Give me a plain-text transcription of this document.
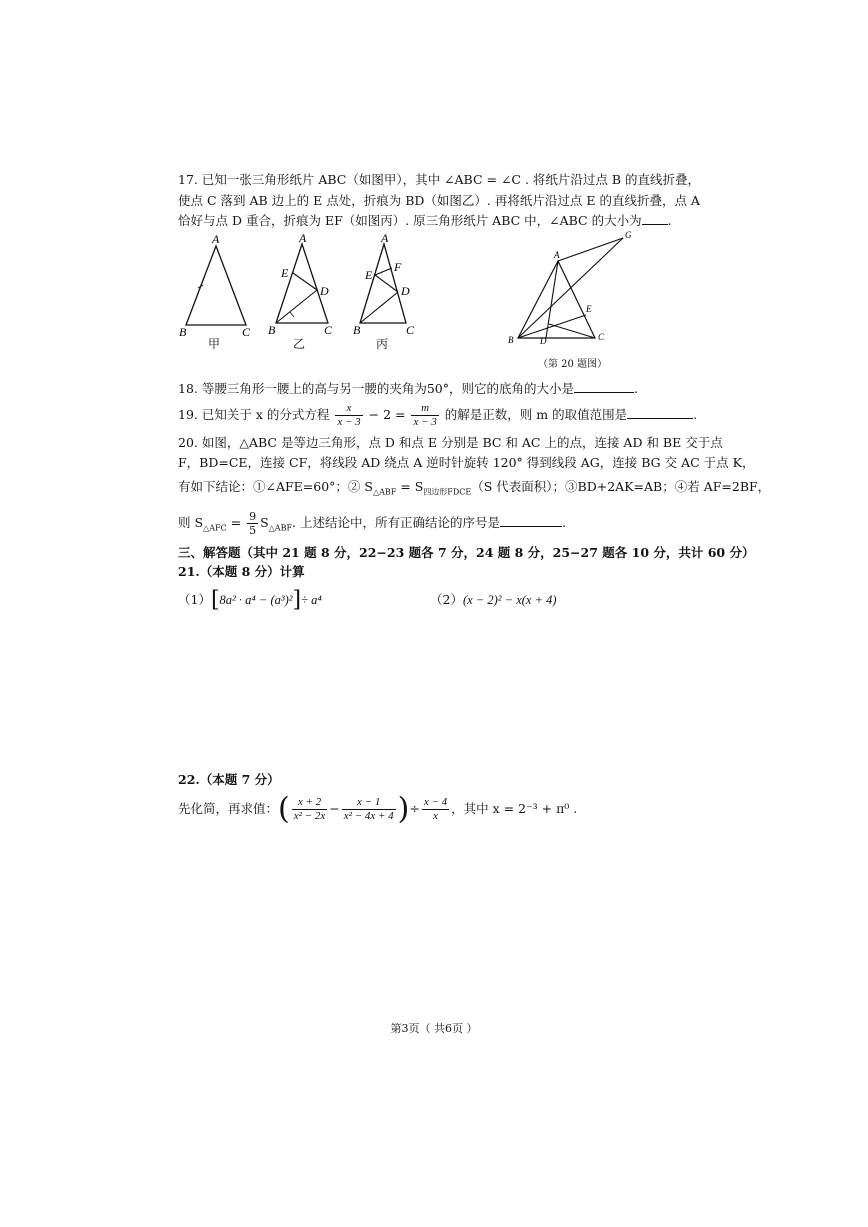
17. 已知一张三角形纸片 ABC（如图甲），其中 ∠ABC = ∠C . 将纸片沿过点 B 的直线折叠，
使点 C 落到 AB 边上的 E 点处，折痕为 BD（如图乙）. 再将纸片沿过点 E 的直线折叠，点 A
恰好与点 D 重合，折痕为 EF（如图丙）. 原三角形纸片 ABC 中，∠ABC 的大小为 .
A
B	C
甲
A
E
D
B	C
乙
A
E
F
D
B	C
丙
A
G
B	D	C
E
（第 20 题图）
18. 等腰三角形一腰上的高与另一腰的夹角为50°，则它的底角的大小是	.
19. 已知关于 x 的分式方程 $\frac{x}{x - 3} - 2 = \frac{m}{x - 3}$ 的解是正数，则 m 的取值范围是	.
20. 如图，△ABC 是等边三角形，点 D 和点 E 分别是 BC 和 AC 上的点，连接 AD 和 BE 交于点
F，BD=CE，连接 CF，将线段 AD 绕点 A 逆时针旋转 120° 得到线段 AG，连接 BG 交 AC 于点 K，
有如下结论：①∠AFE=60°；② $S_{\triangle ABF} = S_{四边形FDCE}(S$ 代表面积）；③BD+2AK=AB；④若 AF=2BF，
则 $S_{\triangle AFC} = \frac{9}{5} S_{\triangle ABF}$. 上述结论中，所有正确结论的序号是	.
三、解答题（其中 21 题 8 分，22−23 题各 7 分，24 题 8 分，25−27 题各 10 分，共计 60 分）
21.（本题 8 分）计算
（1）[8a² · a⁴ − (a³)²]÷ a⁴	（2）(x − 2)² − x(x + 4)
22.（本题 7 分）
先化简，再求值：( $\frac{x + 2}{\text{x² − 2x}} - \frac{x - 1}{\text{x² − 4x + 4}}$ )÷ $\frac{x - 4}{x}$ ，其中 x = 2⁻³ + π⁰ .
第3页（ 共6页 ）
